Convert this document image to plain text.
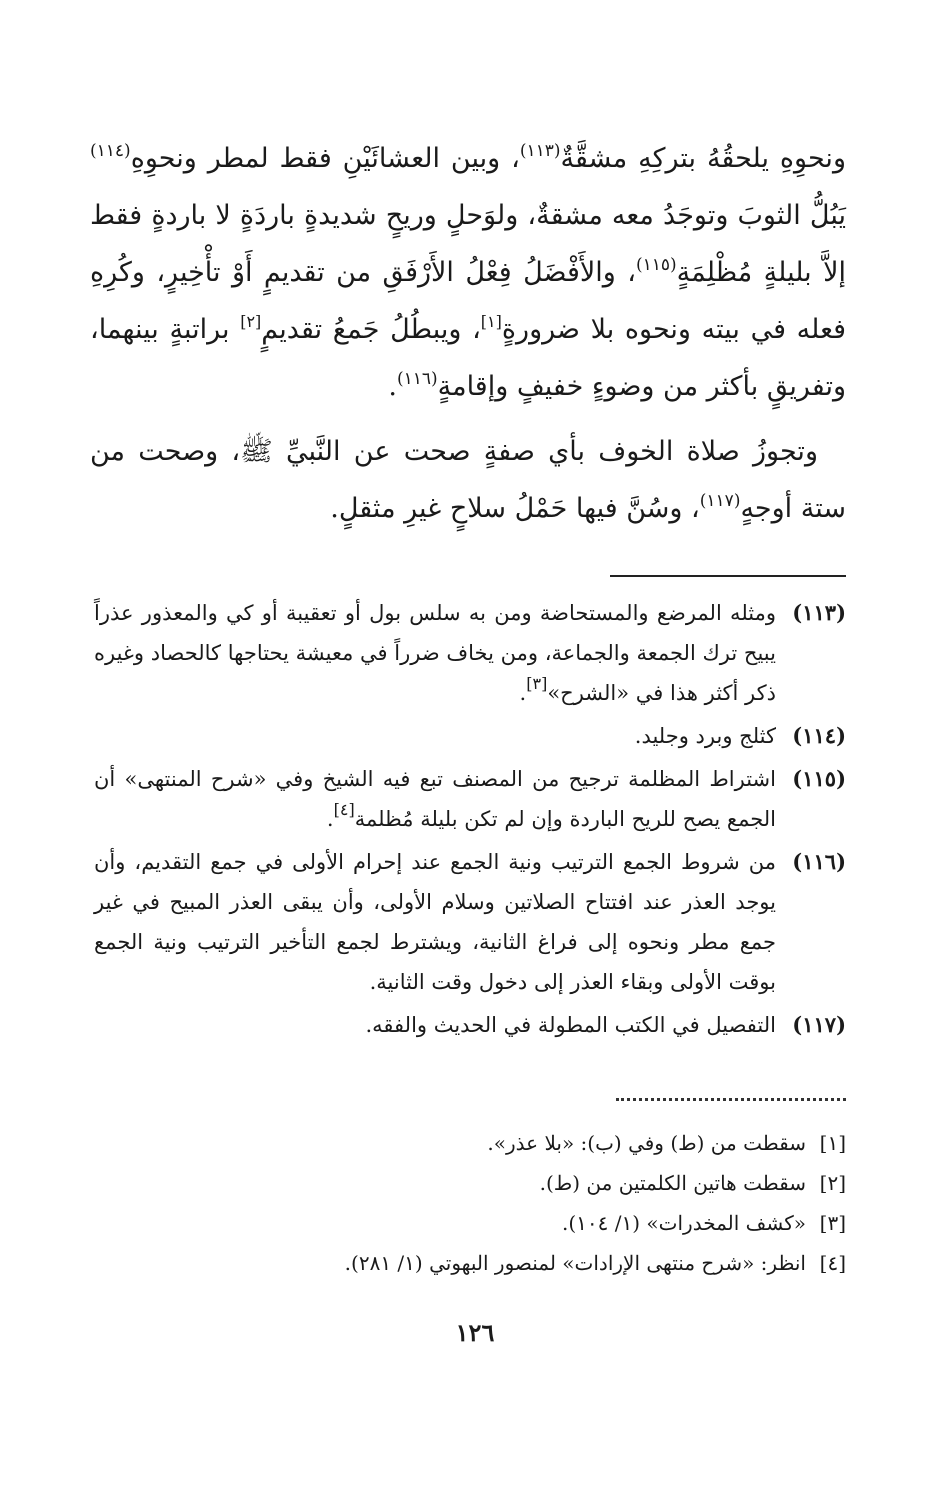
ونحوِهِ يلحقُهُ بتركِهِ مشقَّةٌ$^{(١١٣)}$، وبين العشائَيْنِ فقط لمطر ونحوِهِ$^{(١١٤)}$ يَبُلُّ الثوبَ وتوجَدُ معه مشقةٌ، ولوَحلٍ وريحٍ شديدةٍ باردَةٍ لا باردةٍ فقط إلاَّ بليلةٍ مُظْلِمَةٍ$^{(١١٥)}$، والأَفْضَلُ فِعْلُ الأَرْفَقِ من تقديمٍ أَوْ تأْخِيرٍ، وكُرِهِ فعله في بيته ونحوه بلا ضرورةٍ[١]، ويبطُلُ جَمعُ تقديمٍ[٢] براتبةٍ بينهما، وتفريقٍ بأكثر من وضوءٍ خفيفٍ وإقامةٍ$^{(١١٦)}$.

وتجوزُ صلاة الخوف بأي صفةٍ صحت عن النَّبيِّ ﷺ، وصحت من ستة أوجهٍ$^{(١١٧)}$، وسُنَّ فيها حَمْلُ سلاحٍ غيرِ مثقلٍ.

(١١٣)
ومثله المرضع والمستحاضة ومن به سلس بول أو تعقيبة أو كي والمعذور عذراً يبيح ترك الجمعة والجماعة، ومن يخاف ضرراً في معيشة يحتاجها كالحصاد وغيره ذكر أكثر هذا في «الشرح»[٣].
(١١٤)
كثلج وبرد وجليد.
(١١٥)
اشتراط المظلمة ترجيح من المصنف تبع فيه الشيخ وفي «شرح المنتهى» أن الجمع يصح للريح الباردة وإن لم تكن بليلة مُظلمة[٤].
(١١٦)
من شروط الجمع الترتيب ونية الجمع عند إحرام الأولى في جمع التقديم، وأن يوجد العذر عند افتتاح الصلاتين وسلام الأولى، وأن يبقى العذر المبيح في غير جمع مطر ونحوه إلى فراغ الثانية، ويشترط لجمع التأخير الترتيب ونية الجمع بوقت الأولى وبقاء العذر إلى دخول وقت الثانية.
(١١٧)
التفصيل في الكتب المطولة في الحديث والفقه.
[١]
سقطت من (ط) وفي (ب): «بلا عذر».
[٢]
سقطت هاتين الكلمتين من (ط).
[٣]
«كشف المخدرات» (١/ ١٠٤).
[٤]
انظر: «شرح منتهى الإرادات» لمنصور البهوتي (١/ ٢٨١).
١٢٦
